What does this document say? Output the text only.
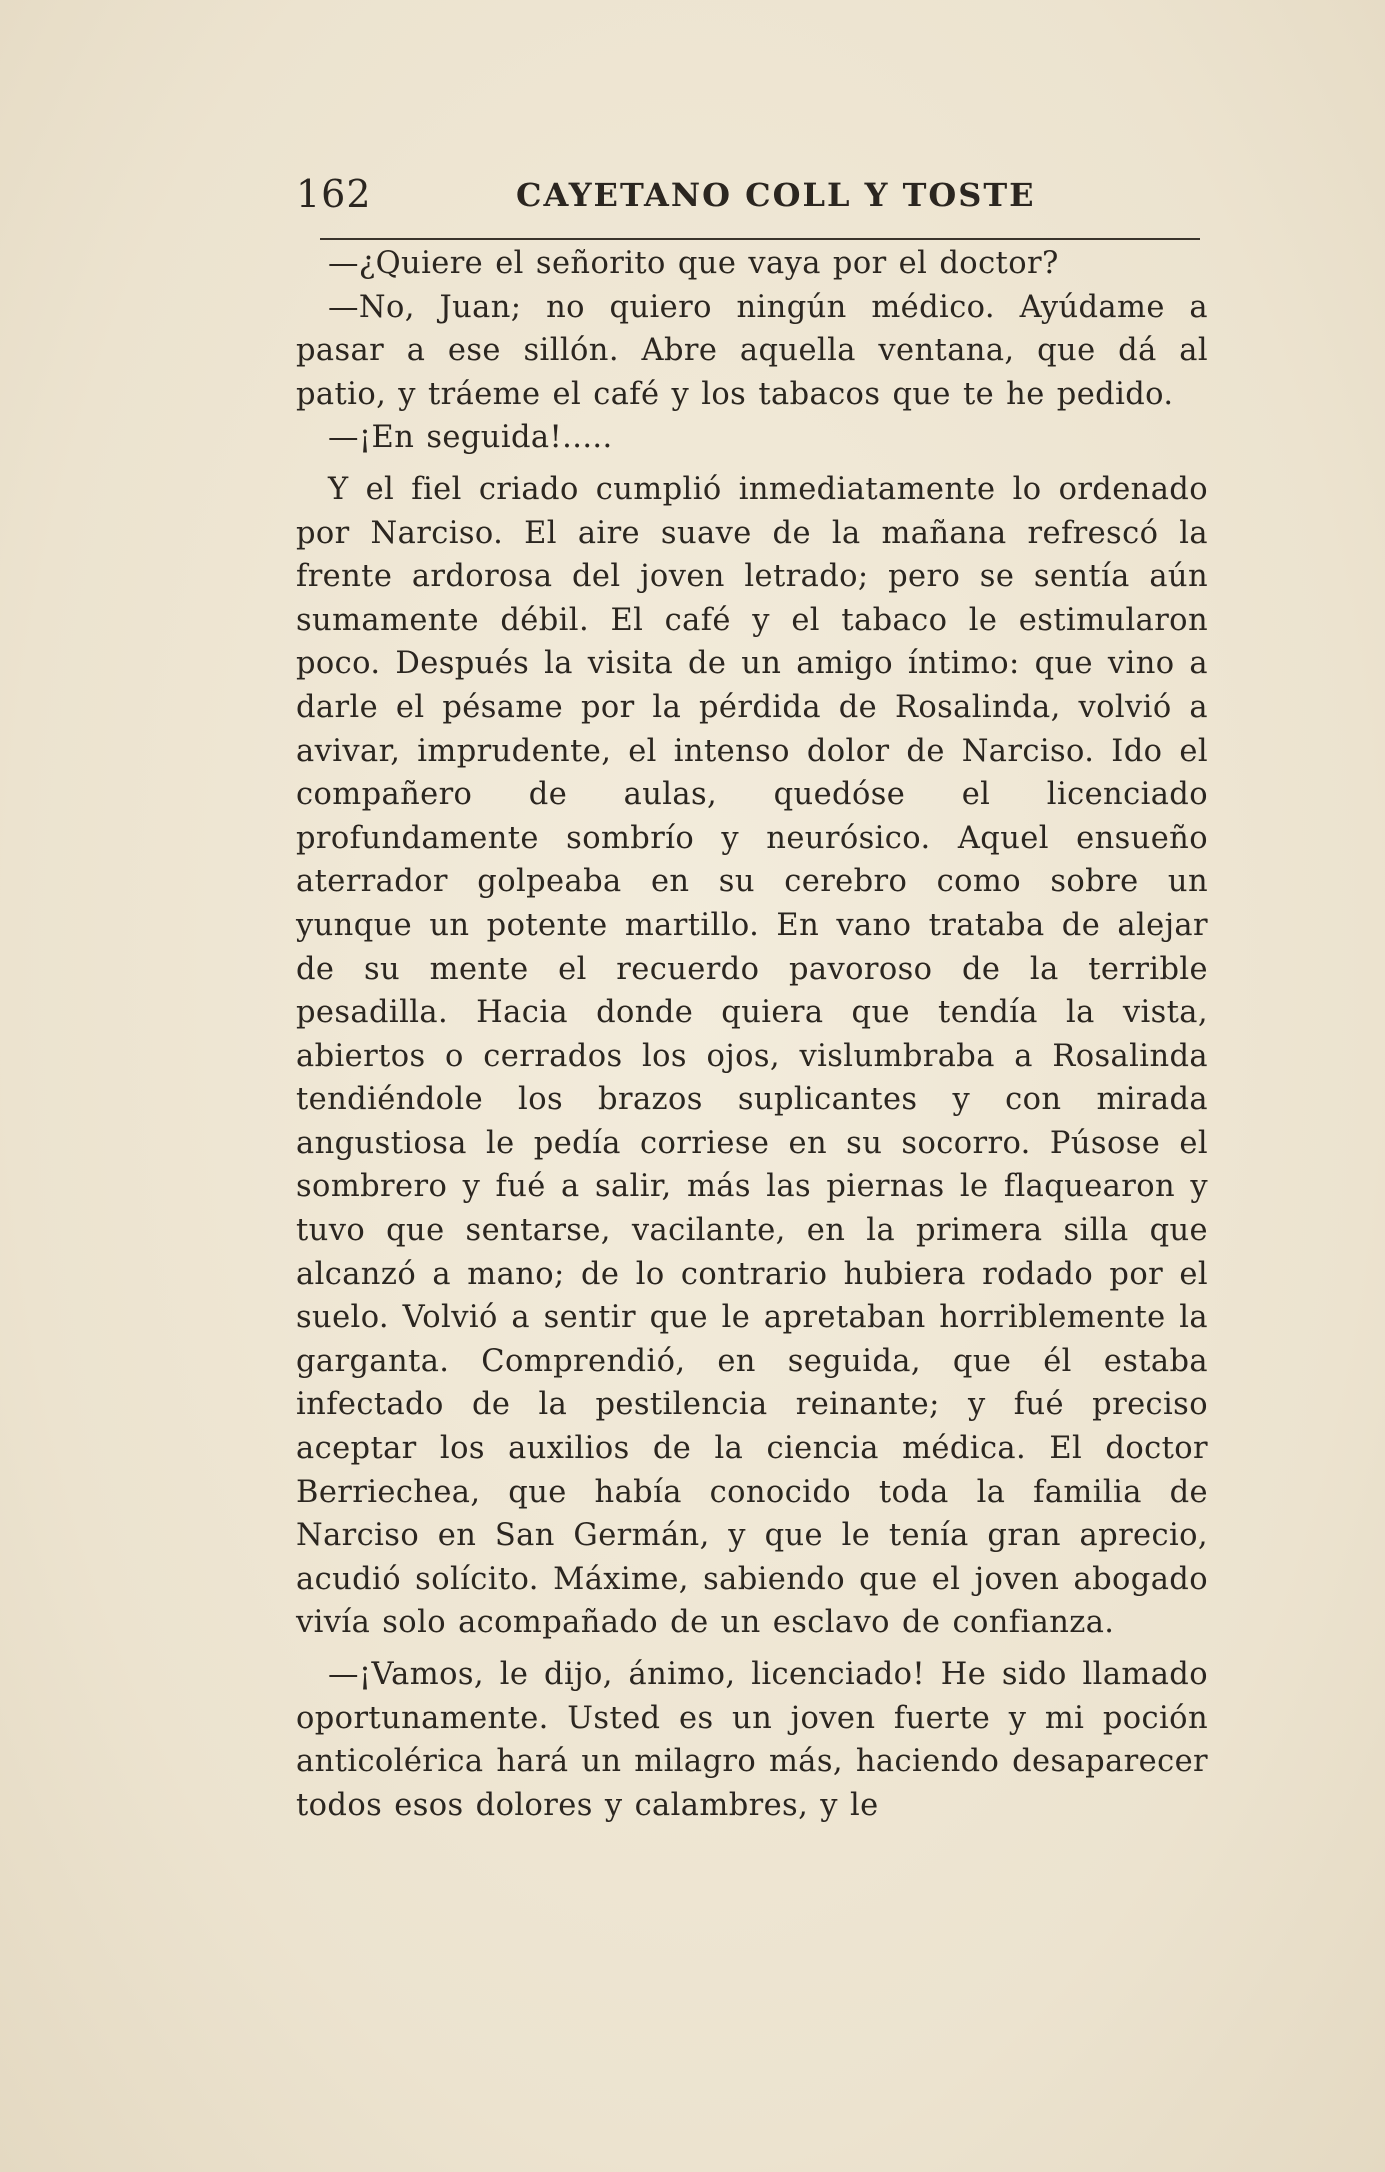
162	CAYETANO COLL Y TOSTE

—¿Quiere el señorito que vaya por el doctor?

—No, Juan; no quiero ningún médico. Ayúdame a pasar a ese sillón. Abre aquella ventana, que dá al patio, y tráeme el café y los tabacos que te he pedido.

—¡En seguida!.....

Y el fiel criado cumplió inmediatamente lo ordenado por Narciso. El aire suave de la mañana refrescó la frente ardorosa del joven letrado; pero se sentía aún sumamente débil. El café y el tabaco le estimularon poco. Después la visita de un amigo íntimo: que vino a darle el pésame por la pérdida de Rosalinda, volvió a avivar, imprudente, el intenso dolor de Narciso. Ido el compañero de aulas, quedóse el licenciado profundamente sombrío y neurósico. Aquel ensueño aterrador golpeaba en su cerebro como sobre un yunque un potente martillo. En vano trataba de alejar de su mente el recuerdo pavoroso de la terrible pesadilla. Hacia donde quiera que tendía la vista, abiertos o cerrados los ojos, vislumbraba a Rosalinda tendiéndole los brazos suplicantes y con mirada angustiosa le pedía corriese en su socorro. Púsose el sombrero y fué a salir, más las piernas le flaquearon y tuvo que sentarse, vacilante, en la primera silla que alcanzó a mano; de lo contrario hubiera rodado por el suelo. Volvió a sentir que le apretaban horriblemente la garganta. Comprendió, en seguida, que él estaba infectado de la pestilencia reinante; y fué preciso aceptar los auxilios de la ciencia médica. El doctor Berriechea, que había conocido toda la familia de Narciso en San Germán, y que le tenía gran aprecio, acudió solícito. Máxime, sabiendo que el joven abogado vivía solo acompañado de un esclavo de confianza.

—¡Vamos, le dijo, ánimo, licenciado! He sido llamado oportunamente. Usted es un joven fuerte y mi poción anticolérica hará un milagro más, haciendo desaparecer todos esos dolores y calambres, y le
